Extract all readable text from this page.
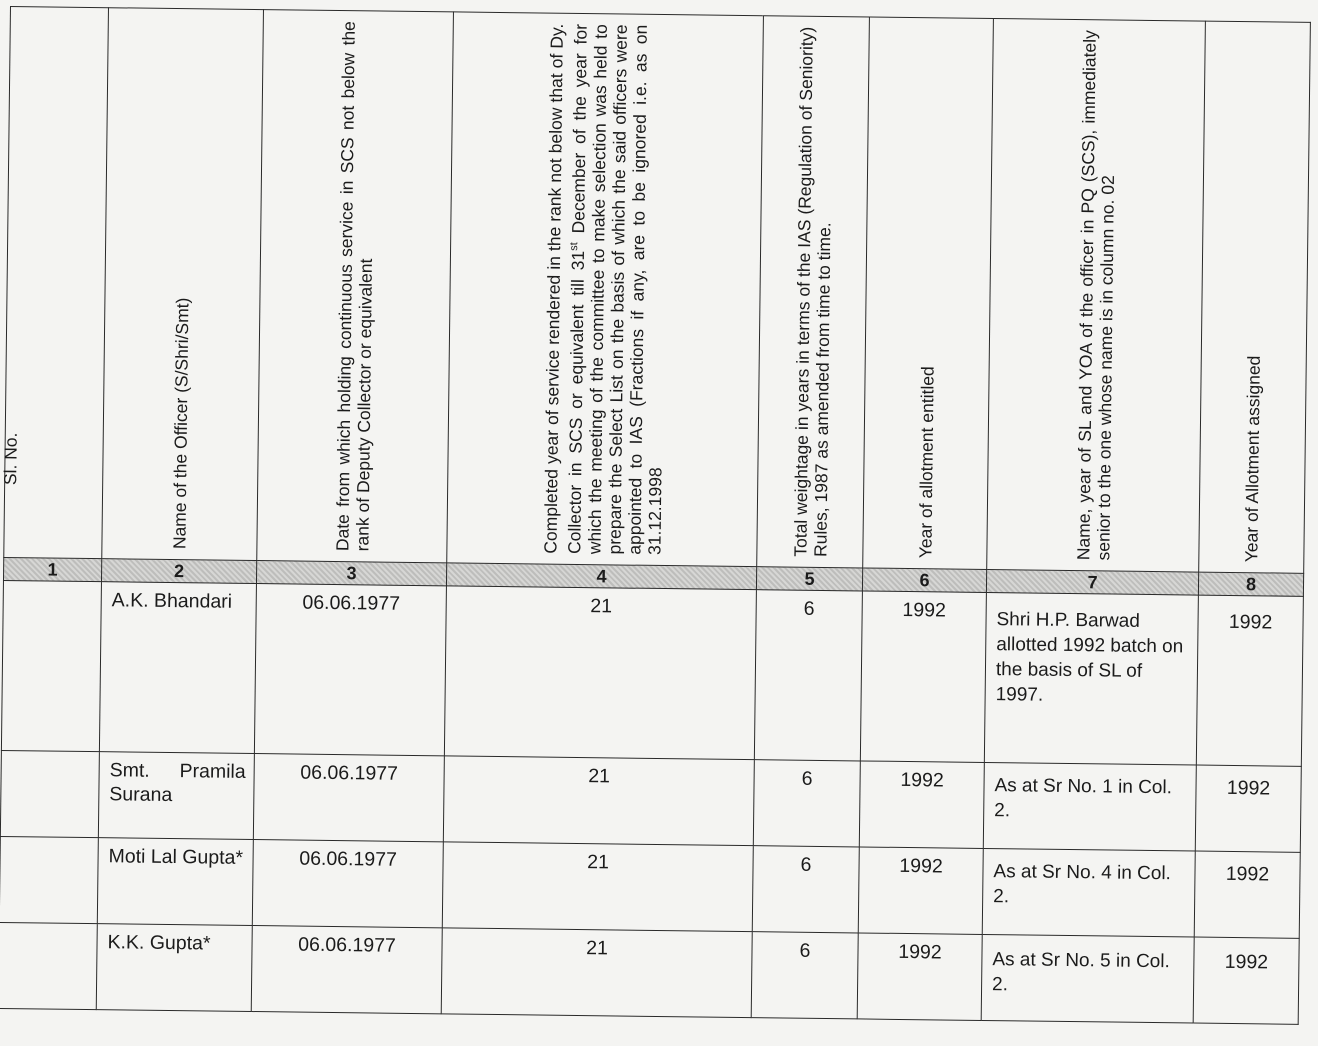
Sl. No.	Name of the Officer (S/Shri/Smt)	Date from which holding continuous service in SCS not below the rank of Deputy Collector or equivalent	Completed year of service rendered in the rank not below that of Dy. Collector in SCS or equivalent till 31st December of the year for which the meeting of the committee to make selection was held to prepare the Select List on the basis of which the said officers were appointed to IAS (Fractions if any, are to be ignored i.e. as on 31.12.1998	Total weightage in years in terms of the IAS (Regulation of Seniority) Rules, 1987 as amended from time to time.	Year of allotment entitled	Name, year of SL and YOA of the officer in PQ (SCS), immediately senior to the one whose name is in column no. 02	Year of Allotment assigned

1	2	3	4	5	6	7	8

	A.K. Bhandari	06.06.1977	21	6	1992	Shri H.P. Barwad allotted 1992 batch on the basis of SL of 1997.	1992

	Smt. Pramila Surana	06.06.1977	21	6	1992	As at Sr No. 1 in Col. 2.	1992

	Moti Lal Gupta*	06.06.1977	21	6	1992	As at Sr No. 4 in Col. 2.	1992

	K.K. Gupta*	06.06.1977	21	6	1992	As at Sr No. 5 in Col. 2.	1992
